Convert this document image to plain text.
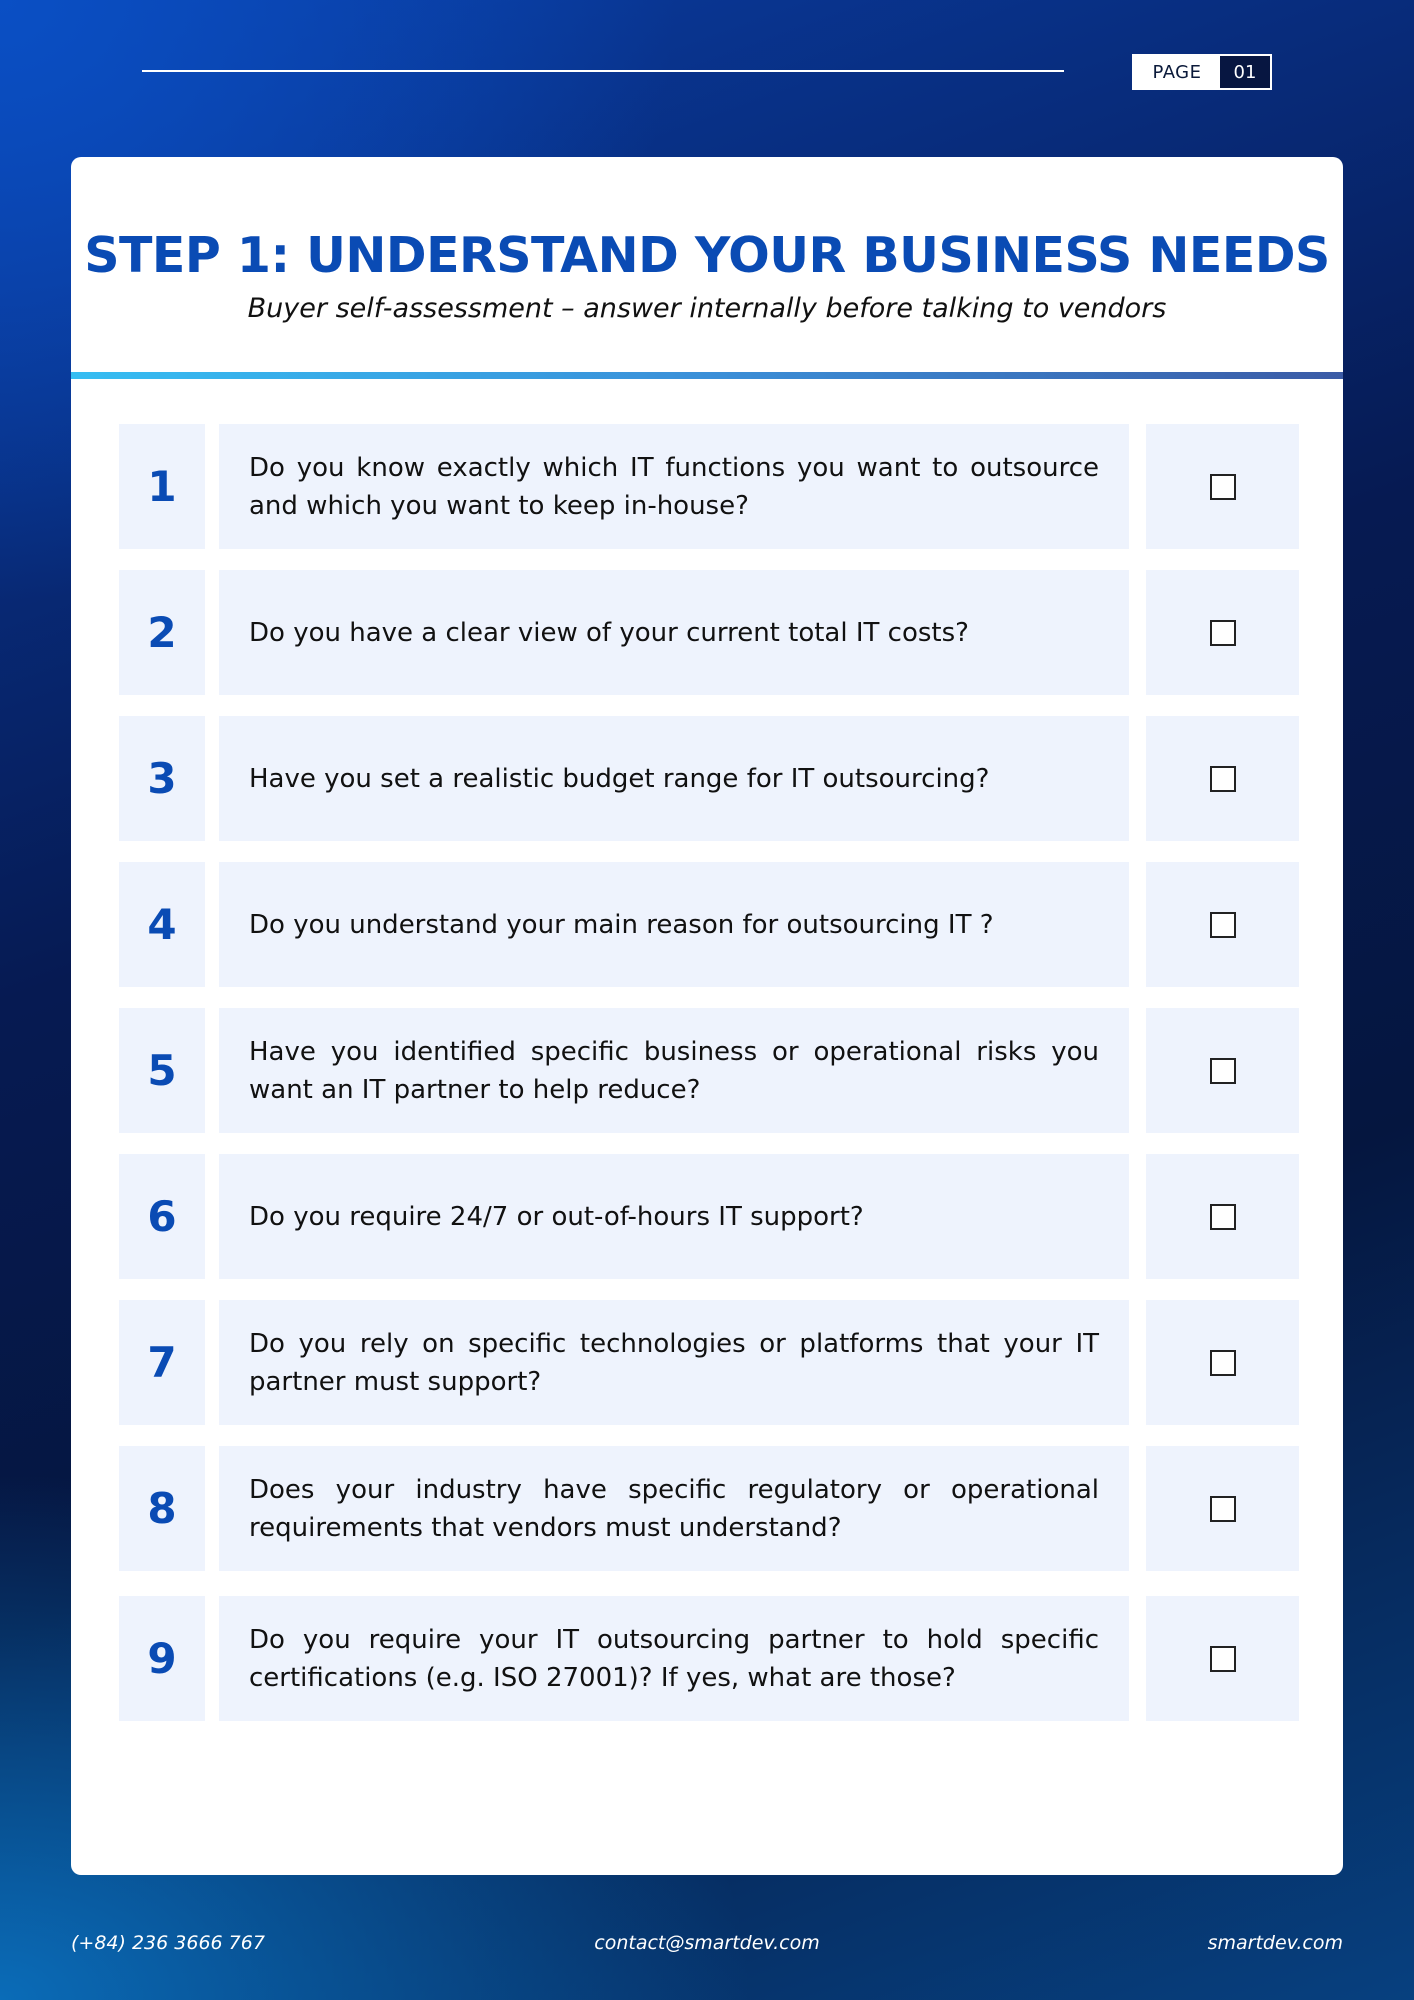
PAGE	01
STEP 1: UNDERSTAND YOUR BUSINESS NEEDS

Buyer self-assessment – answer internally before talking to vendors

1	Do you know exactly which IT functions you want to outsource and which you want to keep in-house?
2	Do you have a clear view of your current total IT costs?
3	Have you set a realistic budget range for IT outsourcing?
4	Do you understand your main reason for outsourcing IT ?
5	Have you identified specific business or operational risks you want an IT partner to help reduce?
6	Do you require 24/7 or out-of-hours IT support?
7	Do you rely on specific technologies or platforms that your IT partner must support?
8	Does your industry have specific regulatory or operational requirements that vendors must understand?
9	Do you require your IT outsourcing partner to hold specific certifications (e.g. ISO 27001)? If yes, what are those?
(+84) 236 3666 767	contact@smartdev.com	smartdev.com
